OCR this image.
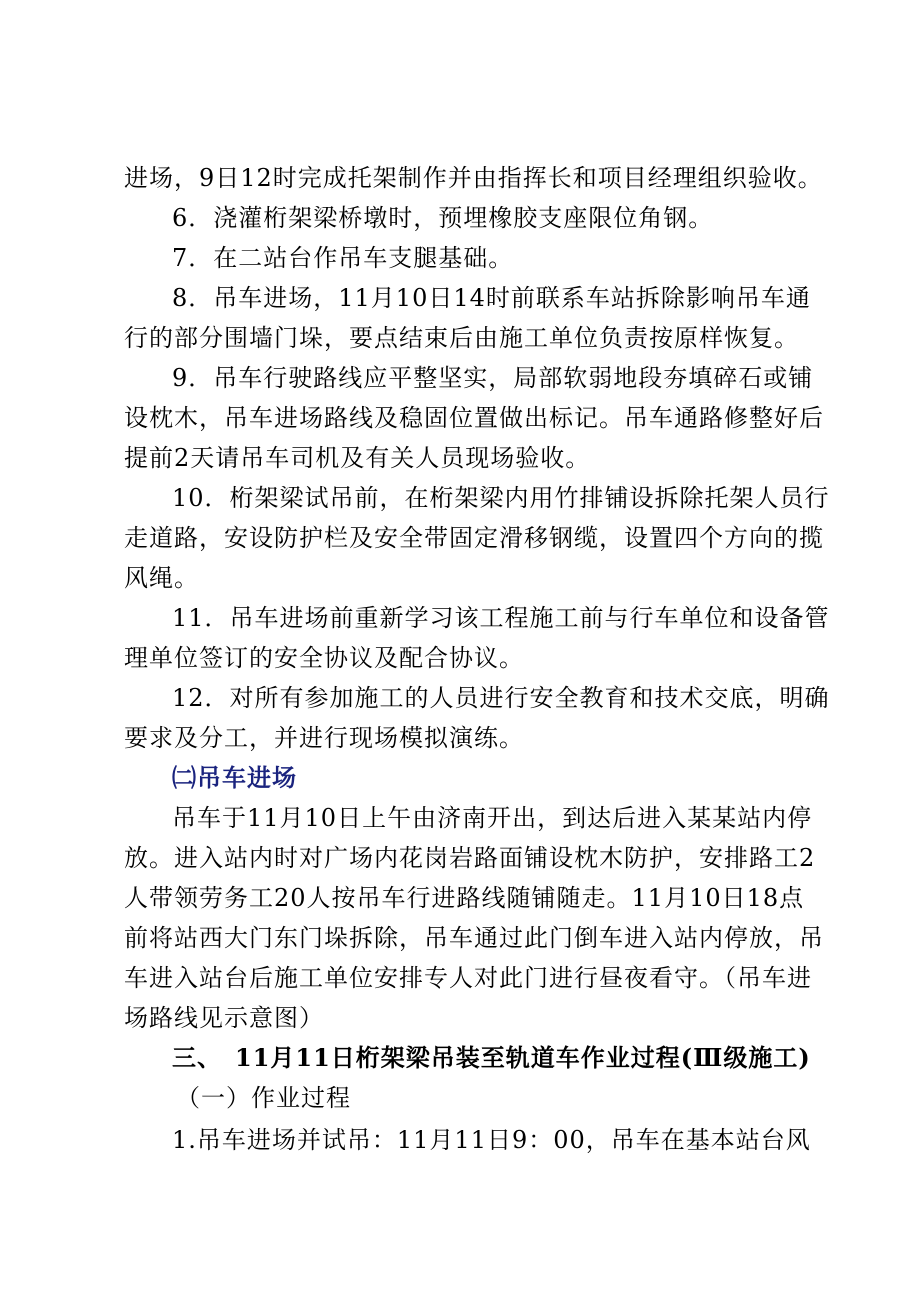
进场，9日12时完成托架制作并由指挥长和项目经理组织验收。
6．浇灌桁架梁桥墩时，预埋橡胶支座限位角钢。
7．在二站台作吊车支腿基础。
8．吊车进场，11月10日14时前联系车站拆除影响吊车通
行的部分围墙门垛，要点结束后由施工单位负责按原样恢复。
9．吊车行驶路线应平整坚实，局部软弱地段夯填碎石或铺
设枕木，吊车进场路线及稳固位置做出标记。吊车通路修整好后
提前2天请吊车司机及有关人员现场验收。
10．桁架梁试吊前，在桁架梁内用竹排铺设拆除托架人员行
走道路，安设防护栏及安全带固定滑移钢缆，设置四个方向的揽
风绳。
11．吊车进场前重新学习该工程施工前与行车单位和设备管
理单位签订的安全协议及配合协议。
12．对所有参加施工的人员进行安全教育和技术交底，明确
要求及分工，并进行现场模拟演练。
㈡吊车进场
吊车于11月10日上午由济南开出，到达后进入某某站内停
放。进入站内时对广场内花岗岩路面铺设枕木防护，安排路工2
人带领劳务工20人按吊车行进路线随铺随走。11月10日18点
前将站西大门东门垛拆除，吊车通过此门倒车进入站内停放，吊
车进入站台后施工单位安排专人对此门进行昼夜看守。（吊车进
场路线见示意图）
三、　11月11日桁架梁吊装至轨道车作业过程(Ⅲ级施工)
（一）作业过程
1.吊车进场并试吊：11月11日9：00，吊车在基本站台风
